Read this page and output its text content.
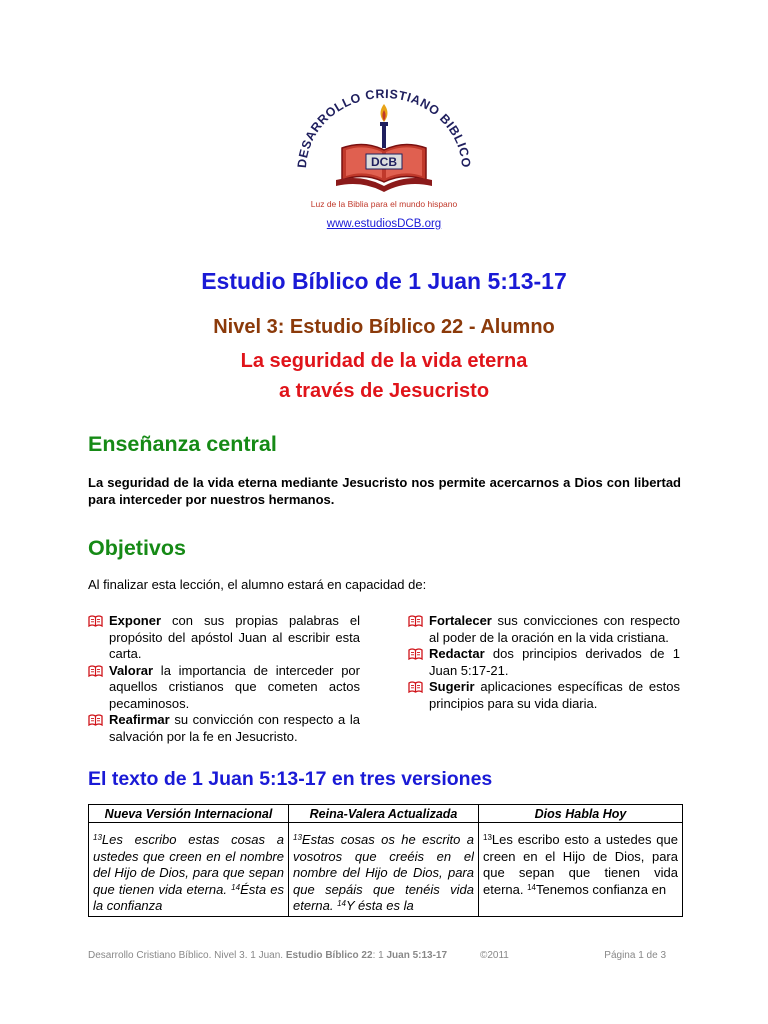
DESARROLLO CRISTIANO BIBLICO
DCB
Luz de la Biblia para el mundo hispano
www.estudiosDCB.org
Estudio Bíblico de 1 Juan 5:13-17
Nivel 3: Estudio Bíblico 22 - Alumno
La seguridad de la vida eterna
a través de Jesucristo
Enseñanza central
La seguridad de la vida eterna mediante Jesucristo nos permite acercarnos a Dios con libertad para interceder por nuestros hermanos.
Objetivos
Al finalizar esta lección, el alumno estará en capacidad de:
Exponer con sus propias palabras el propósito del apóstol Juan al escribir esta carta.
Valorar la importancia de interceder por aquellos cristianos que cometen actos pecaminosos.
Reafirmar su convicción con respecto a la salvación por la fe en Jesucristo.
Fortalecer sus convicciones con respecto al poder de la oración en la vida cristiana.
Redactar dos principios derivados de 1 Juan 5:17-21.
Sugerir aplicaciones específicas de estos principios para su vida diaria.
El texto de 1 Juan 5:13-17 en tres versiones
Nueva Versión Internacional	Reina-Valera Actualizada	Dios Habla Hoy

$^{13}$Les escribo estas cosas a ustedes que creen en el nombre del Hijo de Dios, para que sepan que tienen vida eterna. $^{14}$Ésta es la confianza	$^{13}$Estas cosas os he escrito a vosotros que creéis en el nombre del Hijo de Dios, para que sepáis que tenéis vida eterna. $^{14}$Y ésta es la	$^{13}$Les escribo esto a ustedes que creen en el Hijo de Dios, para que sepan que tienen vida eterna. $^{14}$Tenemos confianza en
Desarrollo Cristiano Bíblico. Nivel 3. 1 Juan. Estudio Bíblico 22: 1 Juan 5:13-17	©2011	Página 1 de 3
